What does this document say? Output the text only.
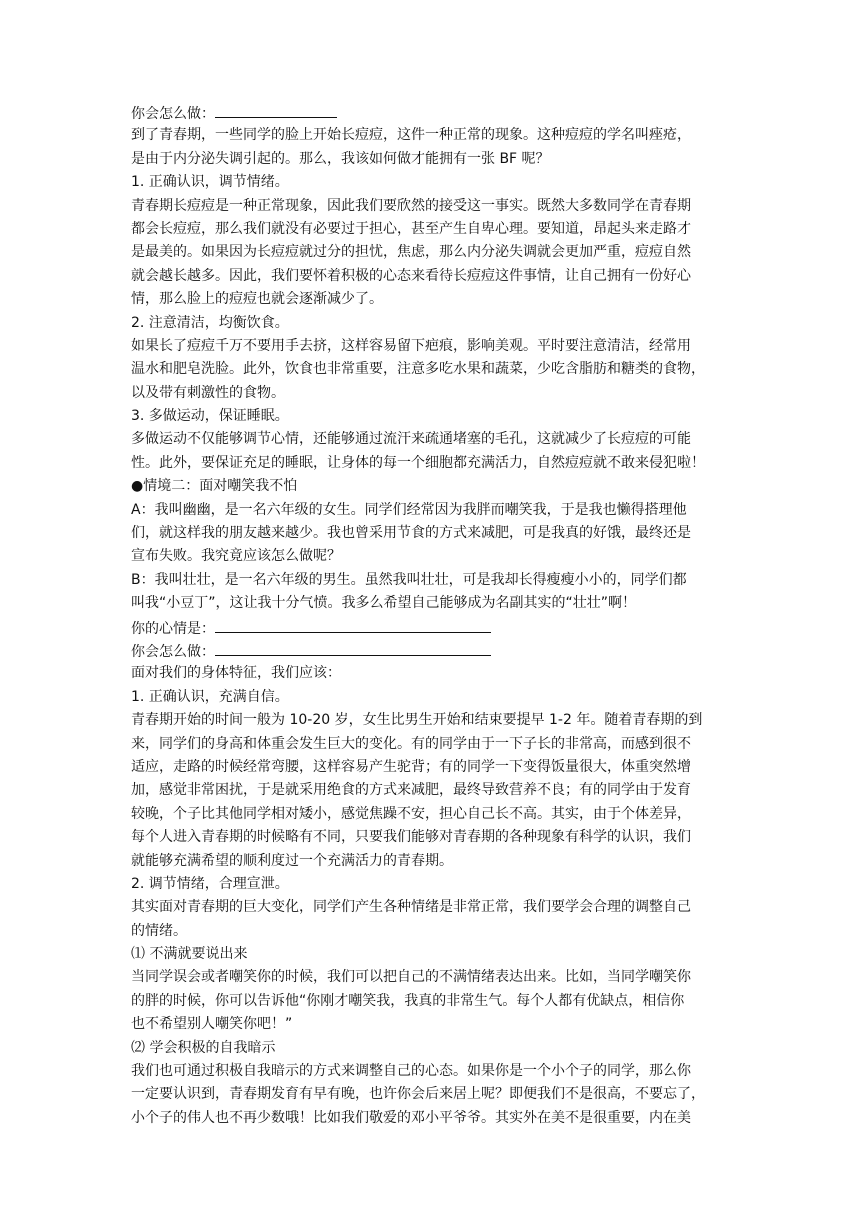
你会怎么做：
到了青春期，一些同学的脸上开始长痘痘，这件一种正常的现象。这种痘痘的学名叫痤疮，
是由于内分泌失调引起的。那么，我该如何做才能拥有一张 BF 呢？
1. 正确认识，调节情绪。
青春期长痘痘是一种正常现象，因此我们要欣然的接受这一事实。既然大多数同学在青春期
都会长痘痘，那么我们就没有必要过于担心，甚至产生自卑心理。要知道，昂起头来走路才
是最美的。如果因为长痘痘就过分的担忧，焦虑，那么内分泌失调就会更加严重，痘痘自然
就会越长越多。因此，我们要怀着积极的心态来看待长痘痘这件事情，让自己拥有一份好心
情，那么脸上的痘痘也就会逐渐减少了。
2. 注意清洁，均衡饮食。
如果长了痘痘千万不要用手去挤，这样容易留下疤痕，影响美观。平时要注意清洁，经常用
温水和肥皂洗脸。此外，饮食也非常重要，注意多吃水果和蔬菜，少吃含脂肪和糖类的食物，
以及带有刺激性的食物。
3. 多做运动，保证睡眠。
多做运动不仅能够调节心情，还能够通过流汗来疏通堵塞的毛孔，这就减少了长痘痘的可能
性。此外，要保证充足的睡眠，让身体的每一个细胞都充满活力，自然痘痘就不敢来侵犯啦！
●情境二：面对嘲笑我不怕
A：我叫幽幽，是一名六年级的女生。同学们经常因为我胖而嘲笑我，于是我也懒得搭理他
们，就这样我的朋友越来越少。我也曾采用节食的方式来减肥，可是我真的好饿，最终还是
宣布失败。我究竟应该怎么做呢？
B：我叫壮壮，是一名六年级的男生。虽然我叫壮壮，可是我却长得瘦瘦小小的，同学们都
叫我“小豆丁”，这让我十分气愤。我多么希望自己能够成为名副其实的“壮壮”啊！
你的心情是：
你会怎么做：
面对我们的身体特征，我们应该：
1. 正确认识，充满自信。
青春期开始的时间一般为 10-20 岁，女生比男生开始和结束要提早 1-2 年。随着青春期的到
来，同学们的身高和体重会发生巨大的变化。有的同学由于一下子长的非常高，而感到很不
适应，走路的时候经常弯腰，这样容易产生驼背；有的同学一下变得饭量很大，体重突然增
加，感觉非常困扰，于是就采用绝食的方式来减肥，最终导致营养不良；有的同学由于发育
较晚，个子比其他同学相对矮小，感觉焦躁不安，担心自己长不高。其实，由于个体差异，
每个人进入青春期的时候略有不同，只要我们能够对青春期的各种现象有科学的认识，我们
就能够充满希望的顺利度过一个充满活力的青春期。
2. 调节情绪，合理宣泄。
其实面对青春期的巨大变化，同学们产生各种情绪是非常正常，我们要学会合理的调整自己
的情绪。
⑴ 不满就要说出来
当同学误会或者嘲笑你的时候，我们可以把自己的不满情绪表达出来。比如，当同学嘲笑你
的胖的时候，你可以告诉他“你刚才嘲笑我，我真的非常生气。每个人都有优缺点，相信你
也不希望别人嘲笑你吧！”
⑵ 学会积极的自我暗示
我们也可通过积极自我暗示的方式来调整自己的心态。如果你是一个小个子的同学，那么你
一定要认识到，青春期发育有早有晚，也许你会后来居上呢？即便我们不是很高，不要忘了，
小个子的伟人也不再少数哦！比如我们敬爱的邓小平爷爷。其实外在美不是很重要，内在美
